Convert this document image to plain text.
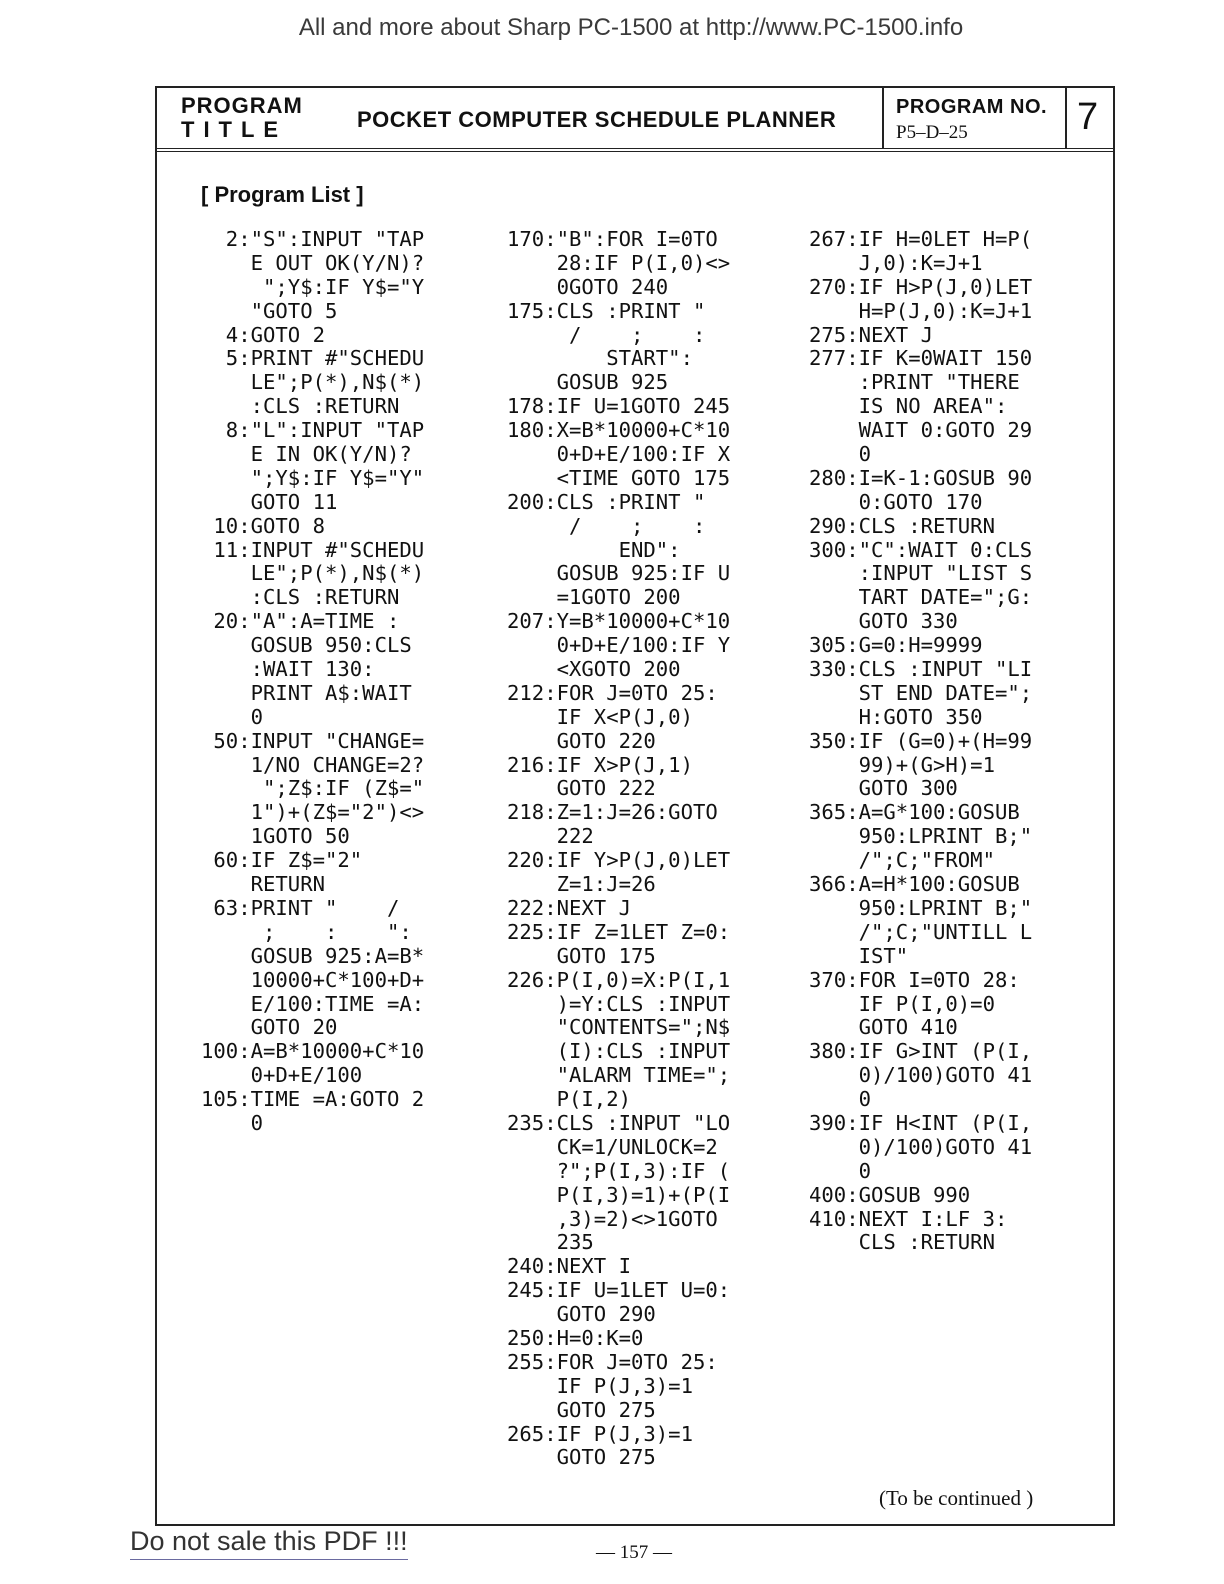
All and more about Sharp PC-1500 at http://www.PC-1500.info
PROGRAM
TITLE	POCKET COMPUTER SCHEDULE PLANNER	PROGRAM NO.
P5–D–25	7
[ Program List ]
2:"S":INPUT "TAP
E OUT OK(Y/N)?
";Y$:IF Y$="Y
"GOTO 5
4:GOTO 2
5:PRINT #"SCHEDU
LE";P(*),N$(*)
:CLS :RETURN
8:"L":INPUT "TAP
E IN OK(Y/N)?
";Y$:IF Y$="Y"
GOTO 11
10:GOTO 8
11:INPUT #"SCHEDU
LE";P(*),N$(*)
:CLS :RETURN
20:"A":A=TIME :
GOSUB 950:CLS
:WAIT 130:
PRINT A$:WAIT
0
50:INPUT "CHANGE=
1/NO CHANGE=2?
";Z$:IF (Z$="
1")+(Z$="2")<>
1GOTO 50
60:IF Z$="2"
RETURN
63:PRINT "    /
;    :    ":
GOSUB 925:A=B*
10000+C*100+D+
E/100:TIME =A:
GOTO 20
100:A=B*10000+C*10
0+D+E/100
105:TIME =A:GOTO 2
0
170:"B":FOR I=0TO
28:IF P(I,0)<>
0GOTO 240
175:CLS :PRINT "
/    ;    :
START":
GOSUB 925
178:IF U=1GOTO 245
180:X=B*10000+C*10
0+D+E/100:IF X
<TIME GOTO 175
200:CLS :PRINT "
/    ;    :
END":
GOSUB 925:IF U
=1GOTO 200
207:Y=B*10000+C*10
0+D+E/100:IF Y
<XGOTO 200
212:FOR J=0TO 25:
IF X<P(J,0)
GOTO 220
216:IF X>P(J,1)
GOTO 222
218:Z=1:J=26:GOTO
222
220:IF Y>P(J,0)LET
Z=1:J=26
222:NEXT J
225:IF Z=1LET Z=0:
GOTO 175
226:P(I,0)=X:P(I,1
)=Y:CLS :INPUT
"CONTENTS=";N$
(I):CLS :INPUT
"ALARM TIME=";
P(I,2)
235:CLS :INPUT "LO
CK=1/UNLOCK=2
?";P(I,3):IF (
P(I,3)=1)+(P(I
,3)=2)<>1GOTO
235
240:NEXT I
245:IF U=1LET U=0:
GOTO 290
250:H=0:K=0
255:FOR J=0TO 25:
IF P(J,3)=1
GOTO 275
265:IF P(J,3)=1
GOTO 275
267:IF H=0LET H=P(
J,0):K=J+1
270:IF H>P(J,0)LET
H=P(J,0):K=J+1
275:NEXT J
277:IF K=0WAIT 150
:PRINT "THERE
IS NO AREA":
WAIT 0:GOTO 29
0
280:I=K-1:GOSUB 90
0:GOTO 170
290:CLS :RETURN
300:"C":WAIT 0:CLS
:INPUT "LIST S
TART DATE=";G:
GOTO 330
305:G=0:H=9999
330:CLS :INPUT "LI
ST END DATE=";
H:GOTO 350
350:IF (G=0)+(H=99
99)+(G>H)=1
GOTO 300
365:A=G*100:GOSUB
950:LPRINT B;"
/";C;"FROM"
366:A=H*100:GOSUB
950:LPRINT B;"
/";C;"UNTILL L
IST"
370:FOR I=0TO 28:
IF P(I,0)=0
GOTO 410
380:IF G>INT (P(I,
0)/100)GOTO 41
0
390:IF H<INT (P(I,
0)/100)GOTO 41
0
400:GOSUB 990
410:NEXT I:LF 3:
CLS :RETURN
(To be continued )
Do not sale this PDF !!!	— 157 —
